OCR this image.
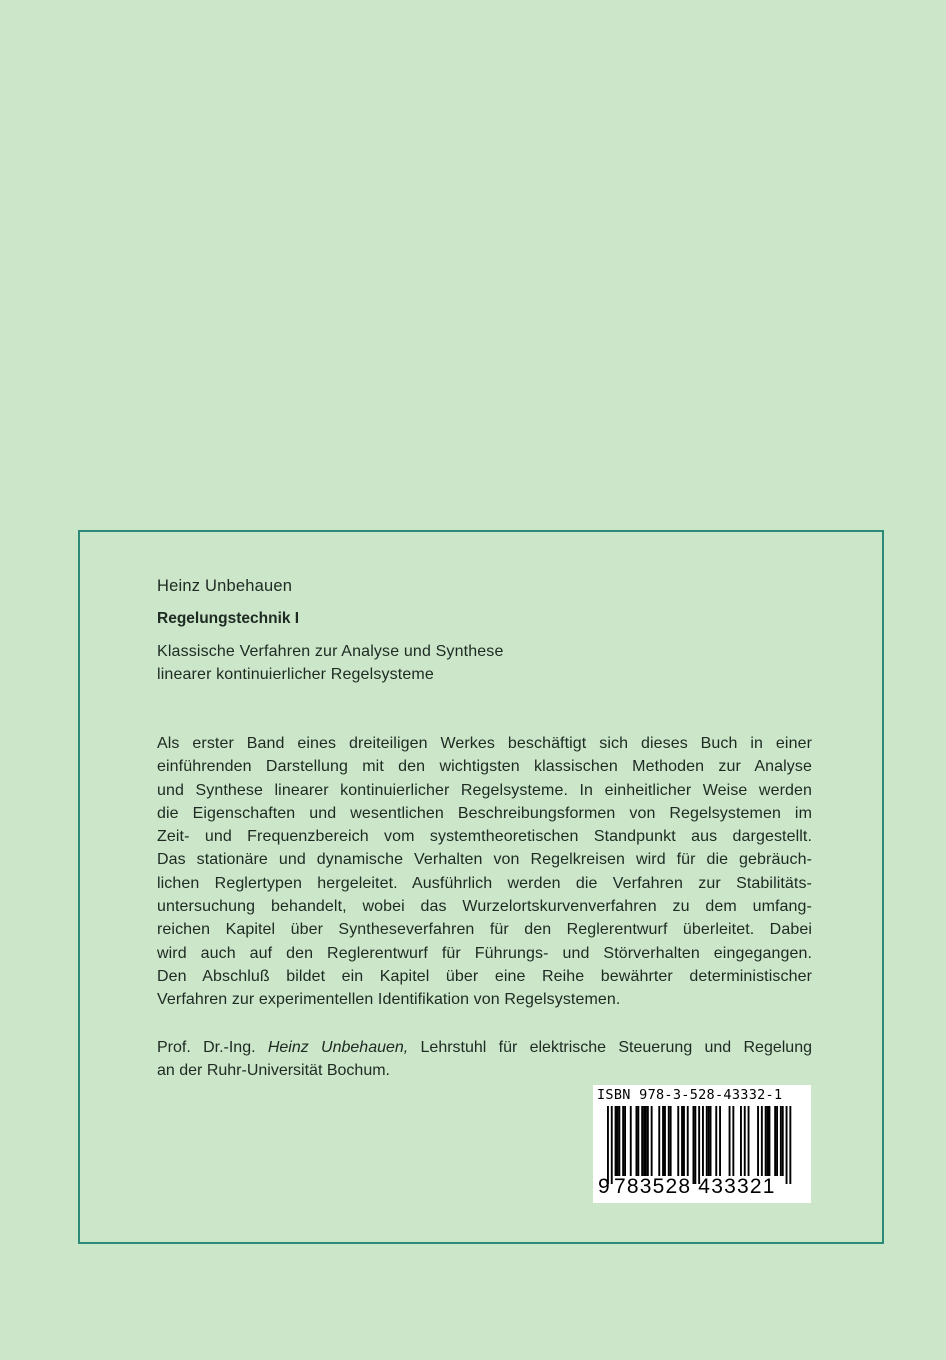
Heinz Unbehauen
Regelungstechnik I
Klassische Verfahren zur Analyse und Synthese
linearer kontinuierlicher Regelsysteme
Als erster Band eines dreiteiligen Werkes beschäftigt sich dieses Buch in einer
einführenden Darstellung mit den wichtigsten klassischen Methoden zur Analyse
und Synthese linearer kontinuierlicher Regelsysteme. In einheitlicher Weise werden
die Eigenschaften und wesentlichen Beschreibungsformen von Regelsystemen im
Zeit- und Frequenzbereich vom systemtheoretischen Standpunkt aus dargestellt.
Das stationäre und dynamische Verhalten von Regelkreisen wird für die gebräuch-
lichen Reglertypen hergeleitet. Ausführlich werden die Verfahren zur Stabilitäts-
untersuchung behandelt, wobei das Wurzelortskurvenverfahren zu dem umfang-
reichen Kapitel über Syntheseverfahren für den Reglerentwurf überleitet. Dabei
wird auch auf den Reglerentwurf für Führungs- und Störverhalten eingegangen.
Den Abschluß bildet ein Kapitel über eine Reihe bewährter deterministischer
Verfahren zur experimentellen Identifikation von Regelsystemen.
Prof. Dr.-Ing. Heinz Unbehauen, Lehrstuhl für elektrische Steuerung und Regelung
an der Ruhr-Universität Bochum.
ISBN 978-3-528-43332-1
9 783528 433321
